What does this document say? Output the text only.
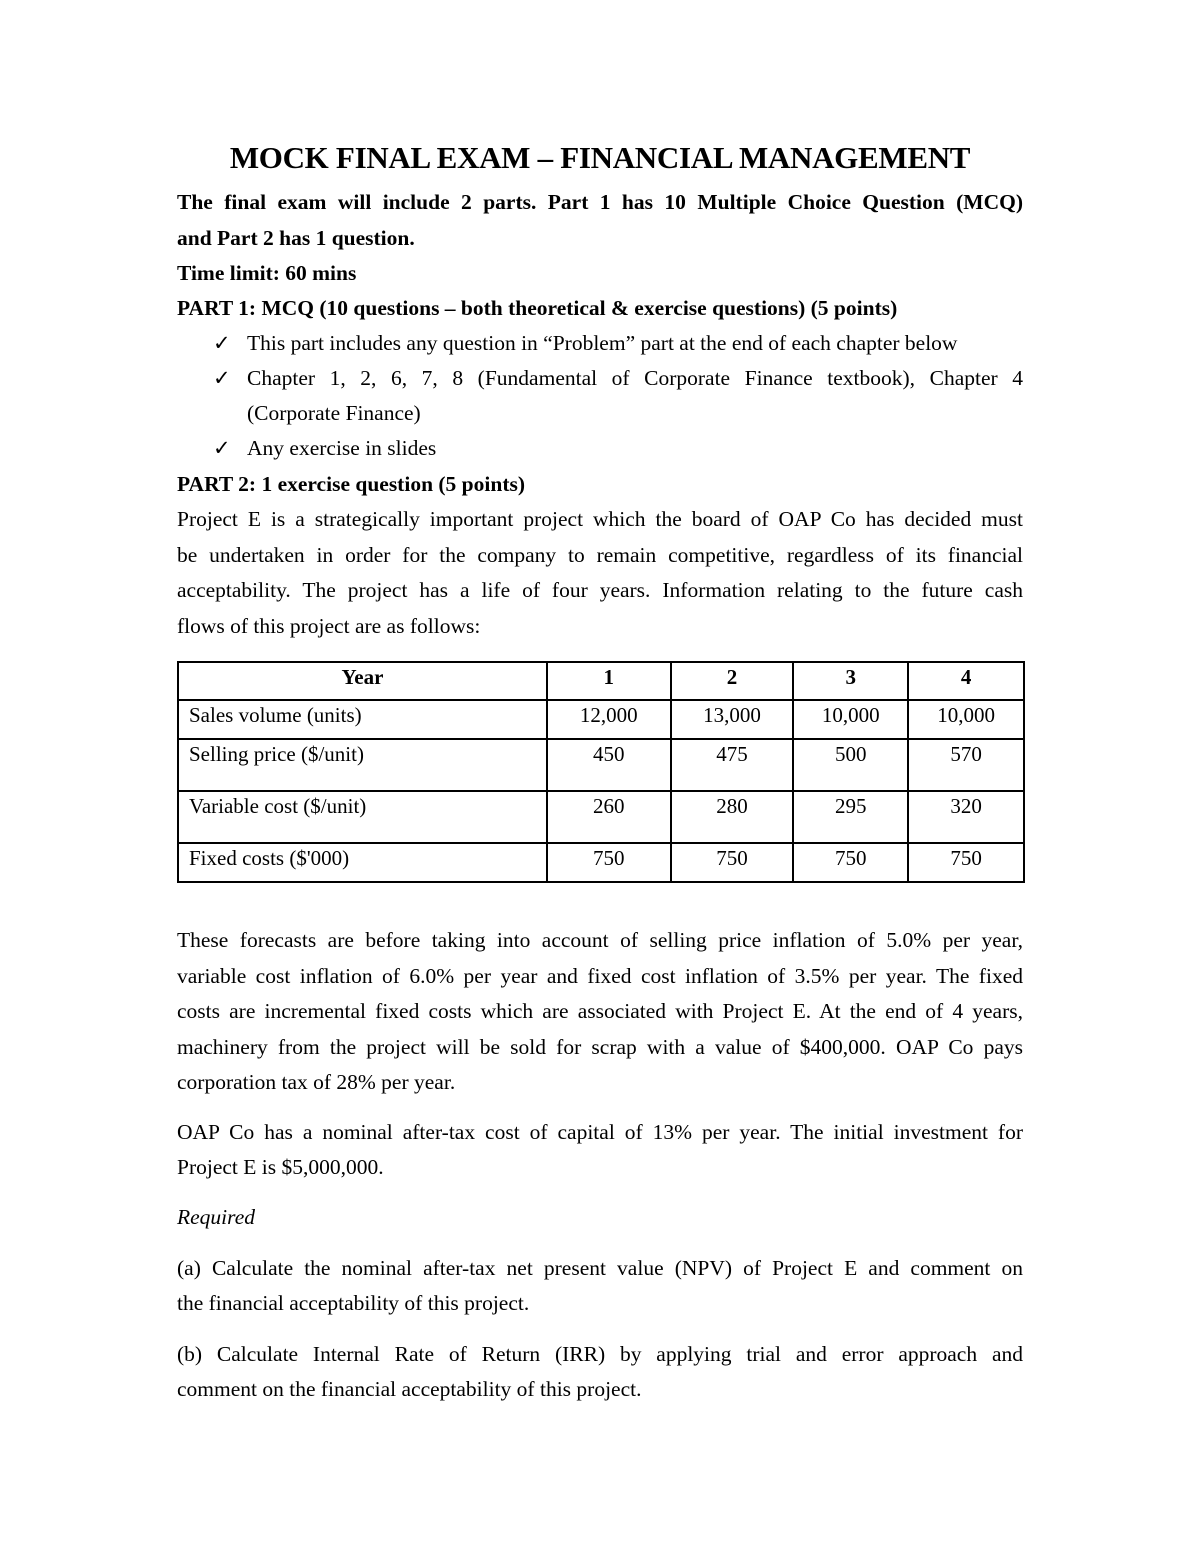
MOCK FINAL EXAM – FINANCIAL MANAGEMENT
The final exam will include 2 parts. Part 1 has 10 Multiple Choice Question (MCQ)
and Part 2 has 1 question.
Time limit: 60 mins
PART 1: MCQ (10 questions – both theoretical & exercise questions) (5 points)
✓ This part includes any question in “Problem” part at the end of each chapter below
✓ Chapter 1, 2, 6, 7, 8 (Fundamental of Corporate Finance textbook), Chapter 4
(Corporate Finance)
✓ Any exercise in slides
PART 2: 1 exercise question (5 points)
Project E is a strategically important project which the board of OAP Co has decided must
be undertaken in order for the company to remain competitive, regardless of its financial
acceptability. The project has a life of four years. Information relating to the future cash
flows of this project are as follows:
Year	1	2	3	4
Sales volume (units)	12,000	13,000	10,000	10,000
Selling price ($/unit)	450	475	500	570
Variable cost ($/unit)	260	280	295	320
Fixed costs ($'000)	750	750	750	750
These forecasts are before taking into account of selling price inflation of 5.0% per year,
variable cost inflation of 6.0% per year and fixed cost inflation of 3.5% per year. The fixed
costs are incremental fixed costs which are associated with Project E. At the end of 4 years,
machinery from the project will be sold for scrap with a value of $400,000. OAP Co pays
corporation tax of 28% per year.
OAP Co has a nominal after-tax cost of capital of 13% per year. The initial investment for
Project E is $5,000,000.
Required
(a) Calculate the nominal after-tax net present value (NPV) of Project E and comment on
the financial acceptability of this project.
(b) Calculate Internal Rate of Return (IRR) by applying trial and error approach and
comment on the financial acceptability of this project.
